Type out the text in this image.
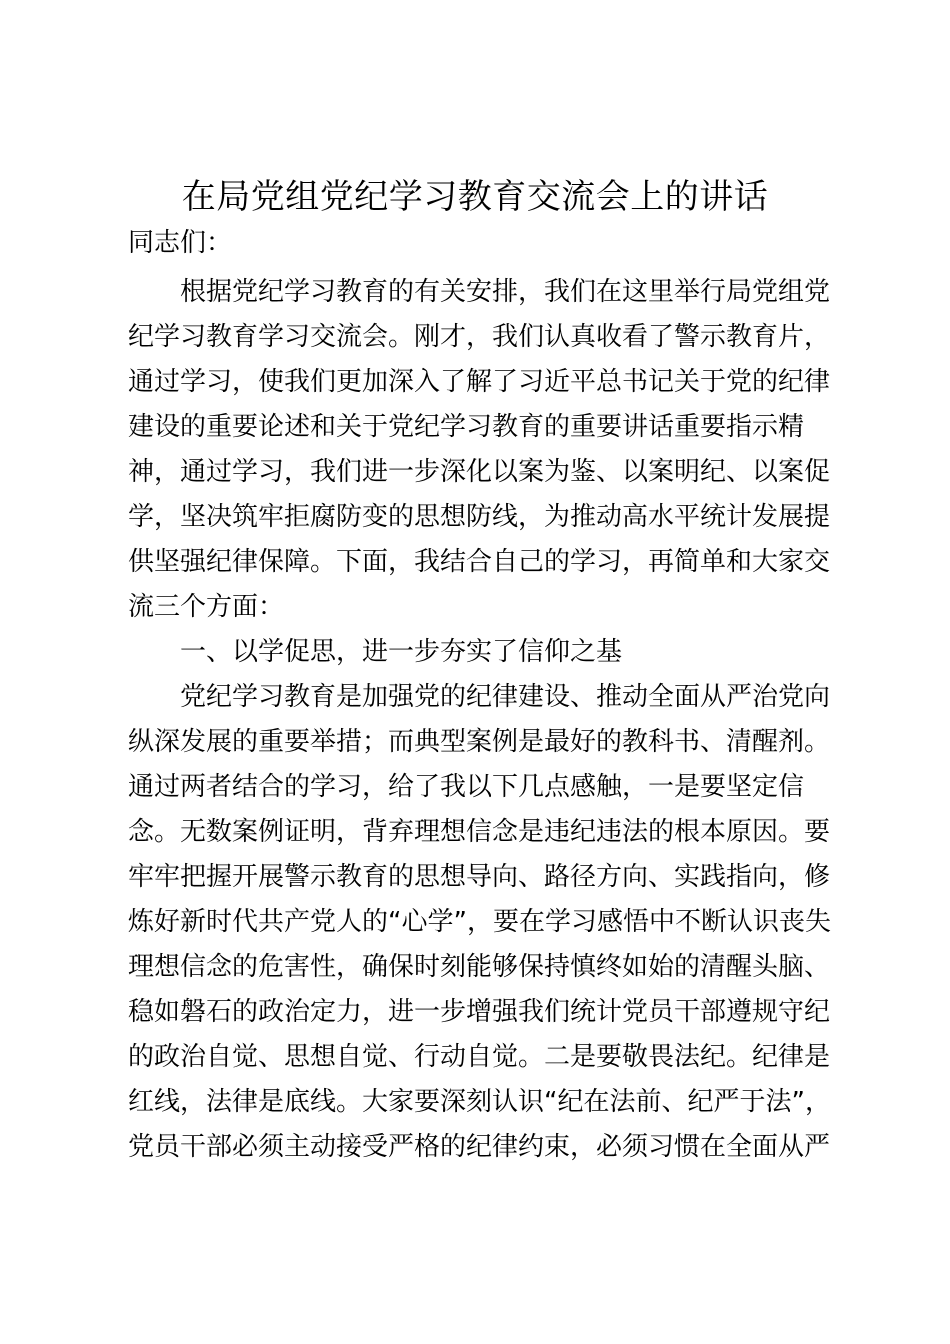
在局党组党纪学习教育交流会上的讲话
同志们：
根据党纪学习教育的有关安排，我们在这里举行局党组党
纪学习教育学习交流会。刚才，我们认真收看了警示教育片，
通过学习，使我们更加深入了解了习近平总书记关于党的纪律
建设的重要论述和关于党纪学习教育的重要讲话重要指示精
神，通过学习，我们进一步深化以案为鉴、以案明纪、以案促
学，坚决筑牢拒腐防变的思想防线，为推动高水平统计发展提
供坚强纪律保障。下面，我结合自己的学习，再简单和大家交
流三个方面：
一、以学促思，进一步夯实了信仰之基
党纪学习教育是加强党的纪律建设、推动全面从严治党向
纵深发展的重要举措；而典型案例是最好的教科书、清醒剂。
通过两者结合的学习，给了我以下几点感触，一是要坚定信
念。无数案例证明，背弃理想信念是违纪违法的根本原因。要
牢牢把握开展警示教育的思想导向、路径方向、实践指向，修
炼好新时代共产党人的“心学”，要在学习感悟中不断认识丧失
理想信念的危害性，确保时刻能够保持慎终如始的清醒头脑、
稳如磐石的政治定力，进一步增强我们统计党员干部遵规守纪
的政治自觉、思想自觉、行动自觉。二是要敬畏法纪。纪律是
红线，法律是底线。大家要深刻认识“纪在法前、纪严于法”，
党员干部必须主动接受严格的纪律约束，必须习惯在全面从严
